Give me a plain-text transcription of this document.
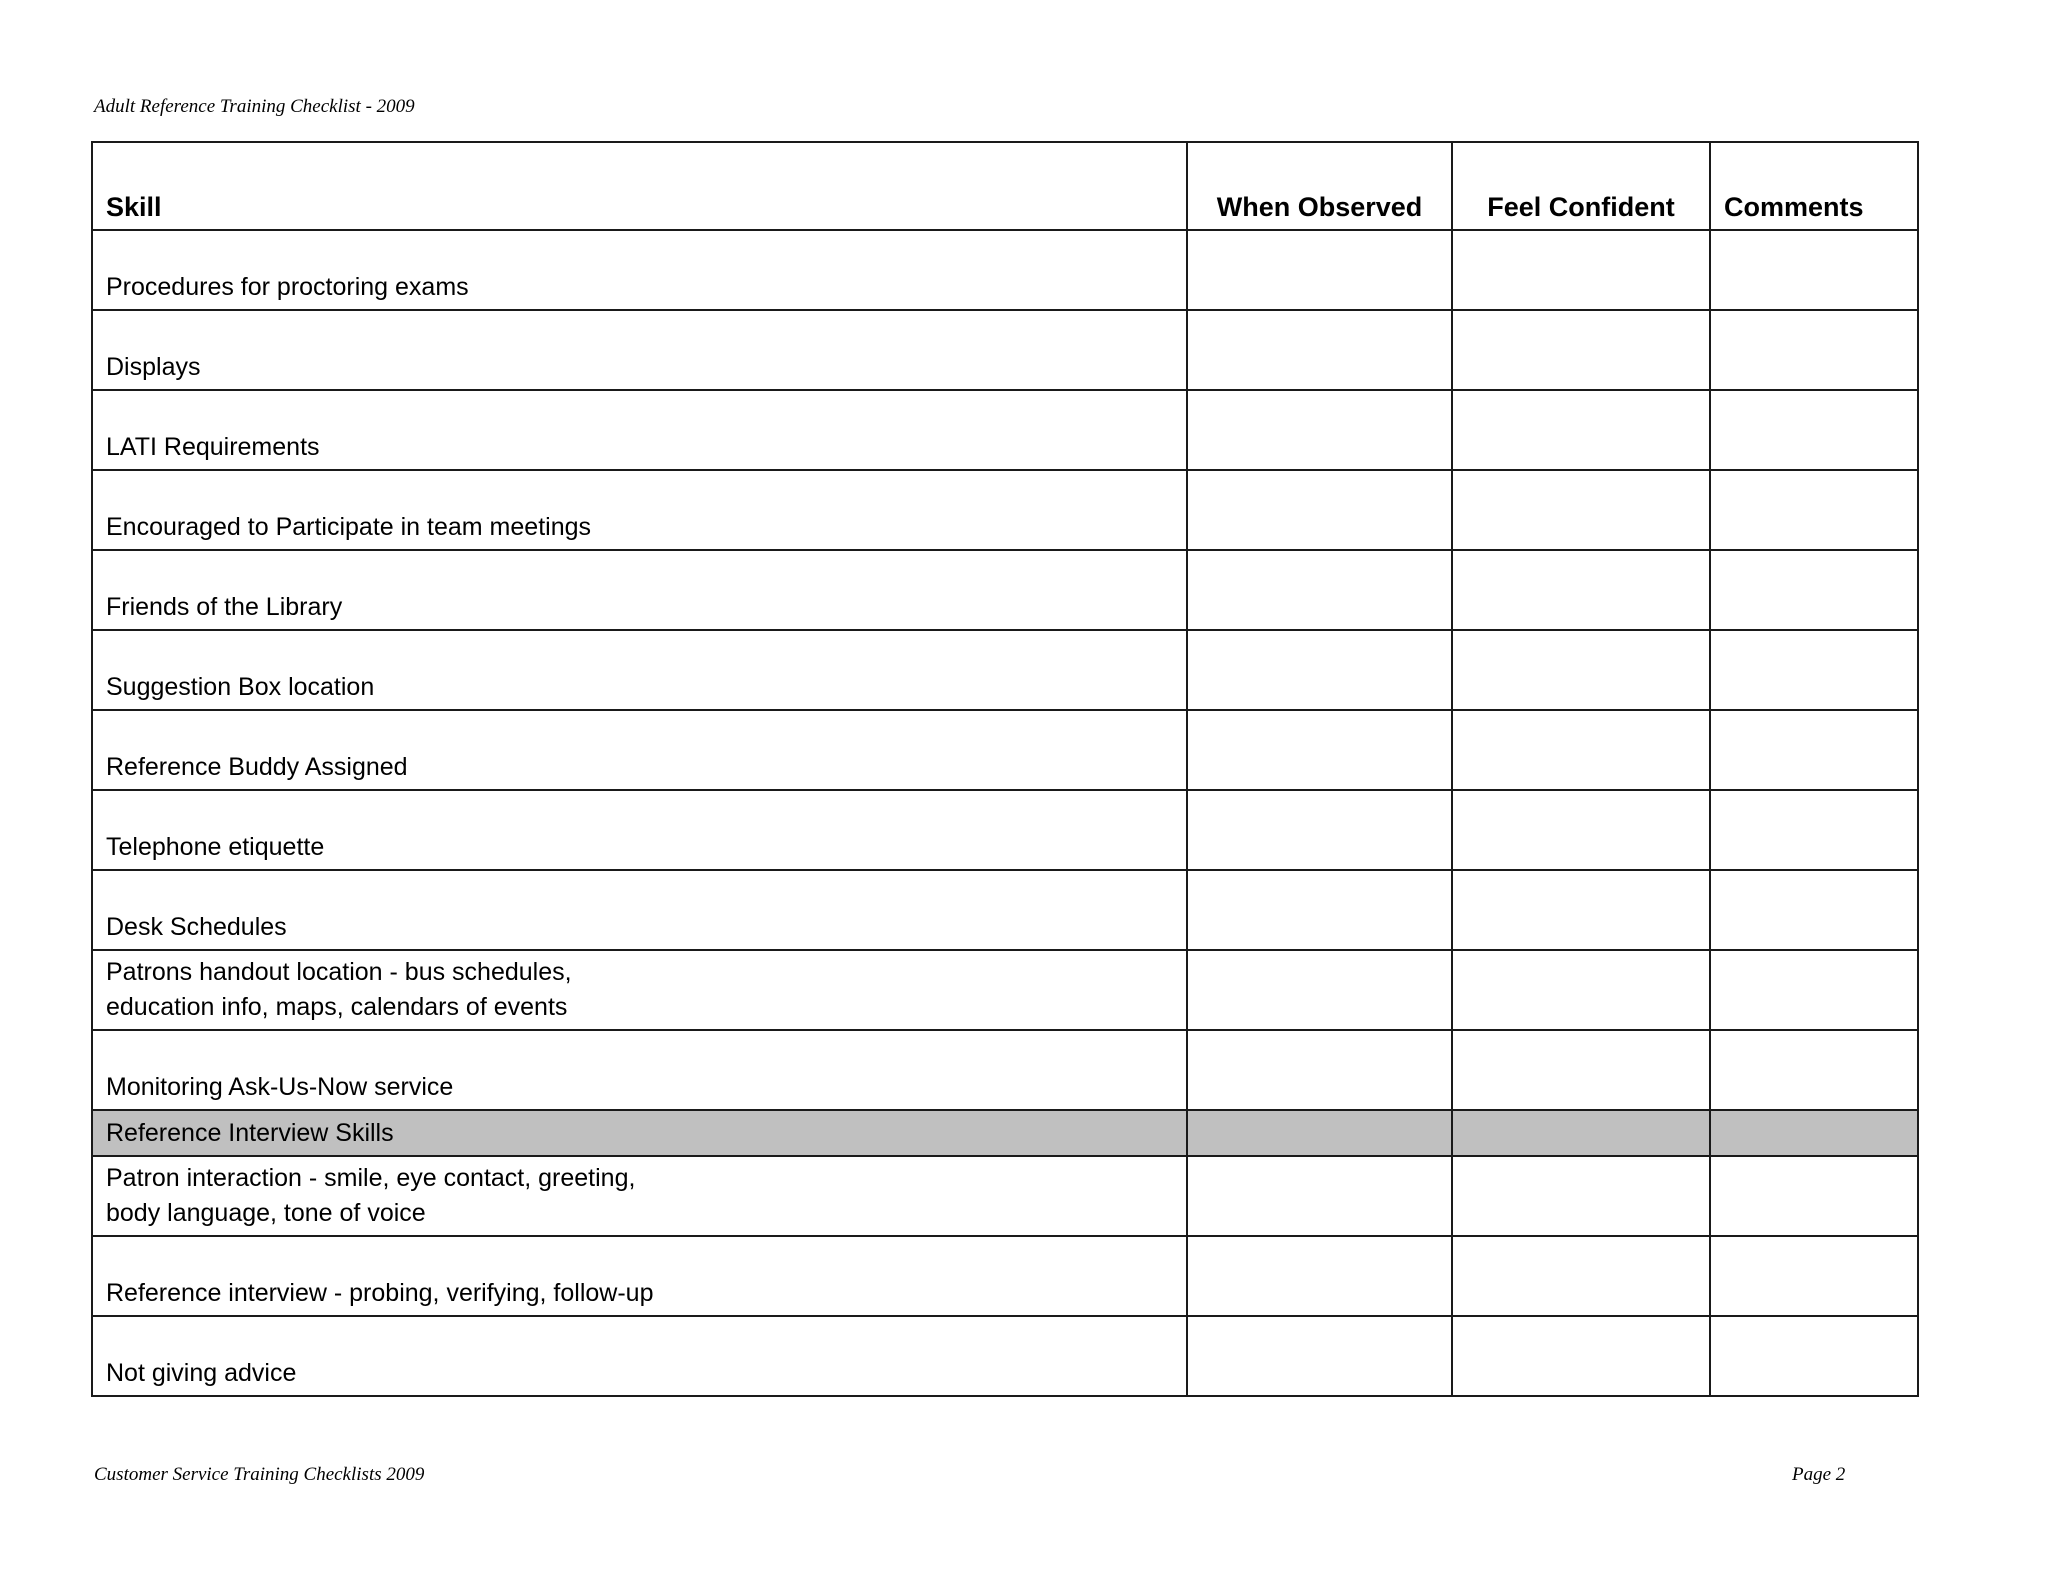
Adult Reference Training Checklist - 2009
Skill	When Observed	Feel Confident	Comments
Procedures for proctoring exams			
Displays			
LATI Requirements			
Encouraged to Participate in team meetings			
Friends of the Library			
Suggestion Box location			
Reference Buddy Assigned			
Telephone etiquette			
Desk Schedules			
Patrons handout location - bus schedules,
education info, maps, calendars of events			
Monitoring Ask-Us-Now service			
Reference Interview Skills			
Patron interaction - smile, eye contact, greeting,
body language, tone of voice			
Reference interview - probing, verifying, follow-up			
Not giving advice			
Customer Service Training Checklists 2009	Page 2
